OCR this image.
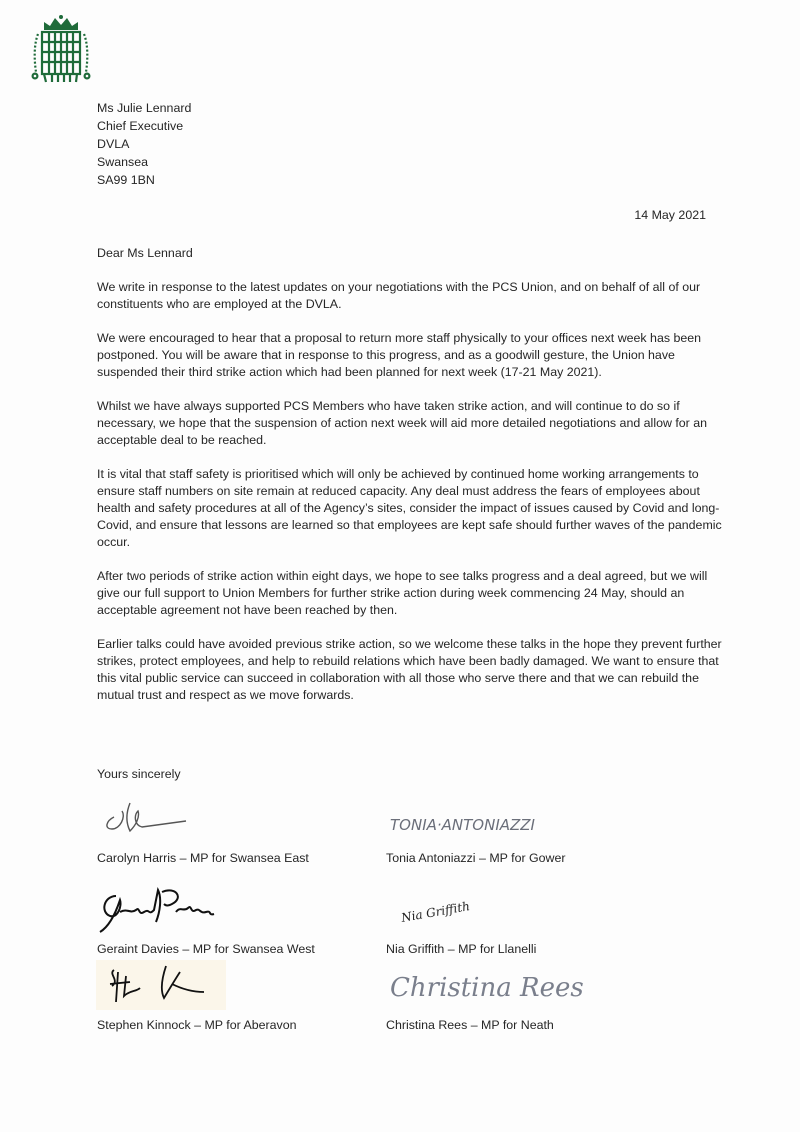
Ms Julie Lennard
Chief Executive
DVLA
Swansea
SA99 1BN
14 May 2021
Dear Ms Lennard

We write in response to the latest updates on your negotiations with the PCS Union, and on behalf of all of our constituents who are employed at the DVLA.

We were encouraged to hear that a proposal to return more staff physically to your offices next week has been postponed. You will be aware that in response to this progress, and as a goodwill gesture, the Union have suspended their third strike action which had been planned for next week (17-21 May 2021).

Whilst we have always supported PCS Members who have taken strike action, and will continue to do so if necessary, we hope that the suspension of action next week will aid more detailed negotiations and allow for an acceptable deal to be reached.

It is vital that staff safety is prioritised which will only be achieved by continued home working arrangements to ensure staff numbers on site remain at reduced capacity. Any deal must address the fears of employees about health and safety procedures at all of the Agency’s sites, consider the impact of issues caused by Covid and long-Covid, and ensure that lessons are learned so that employees are kept safe should further waves of the pandemic occur.

After two periods of strike action within eight days, we hope to see talks progress and a deal agreed, but we will give our full support to Union Members for further strike action during week commencing 24 May, should an acceptable agreement not have been reached by then.

Earlier talks could have avoided previous strike action, so we welcome these talks in the hope they prevent further strikes, protect employees, and help to rebuild relations which have been badly damaged. We want to ensure that this vital public service can succeed in collaboration with all those who serve there and that we can rebuild the mutual trust and respect as we move forwards.

Yours sincerely
Carolyn Harris – MP for Swansea East
TONIA·ANTONIAZZI
Tonia Antoniazzi – MP for Gower
Geraint Davies – MP for Swansea West
Nia Griffith
Nia Griffith – MP for Llanelli
Stephen Kinnock – MP for Aberavon
Christina Rees
Christina Rees – MP for Neath
